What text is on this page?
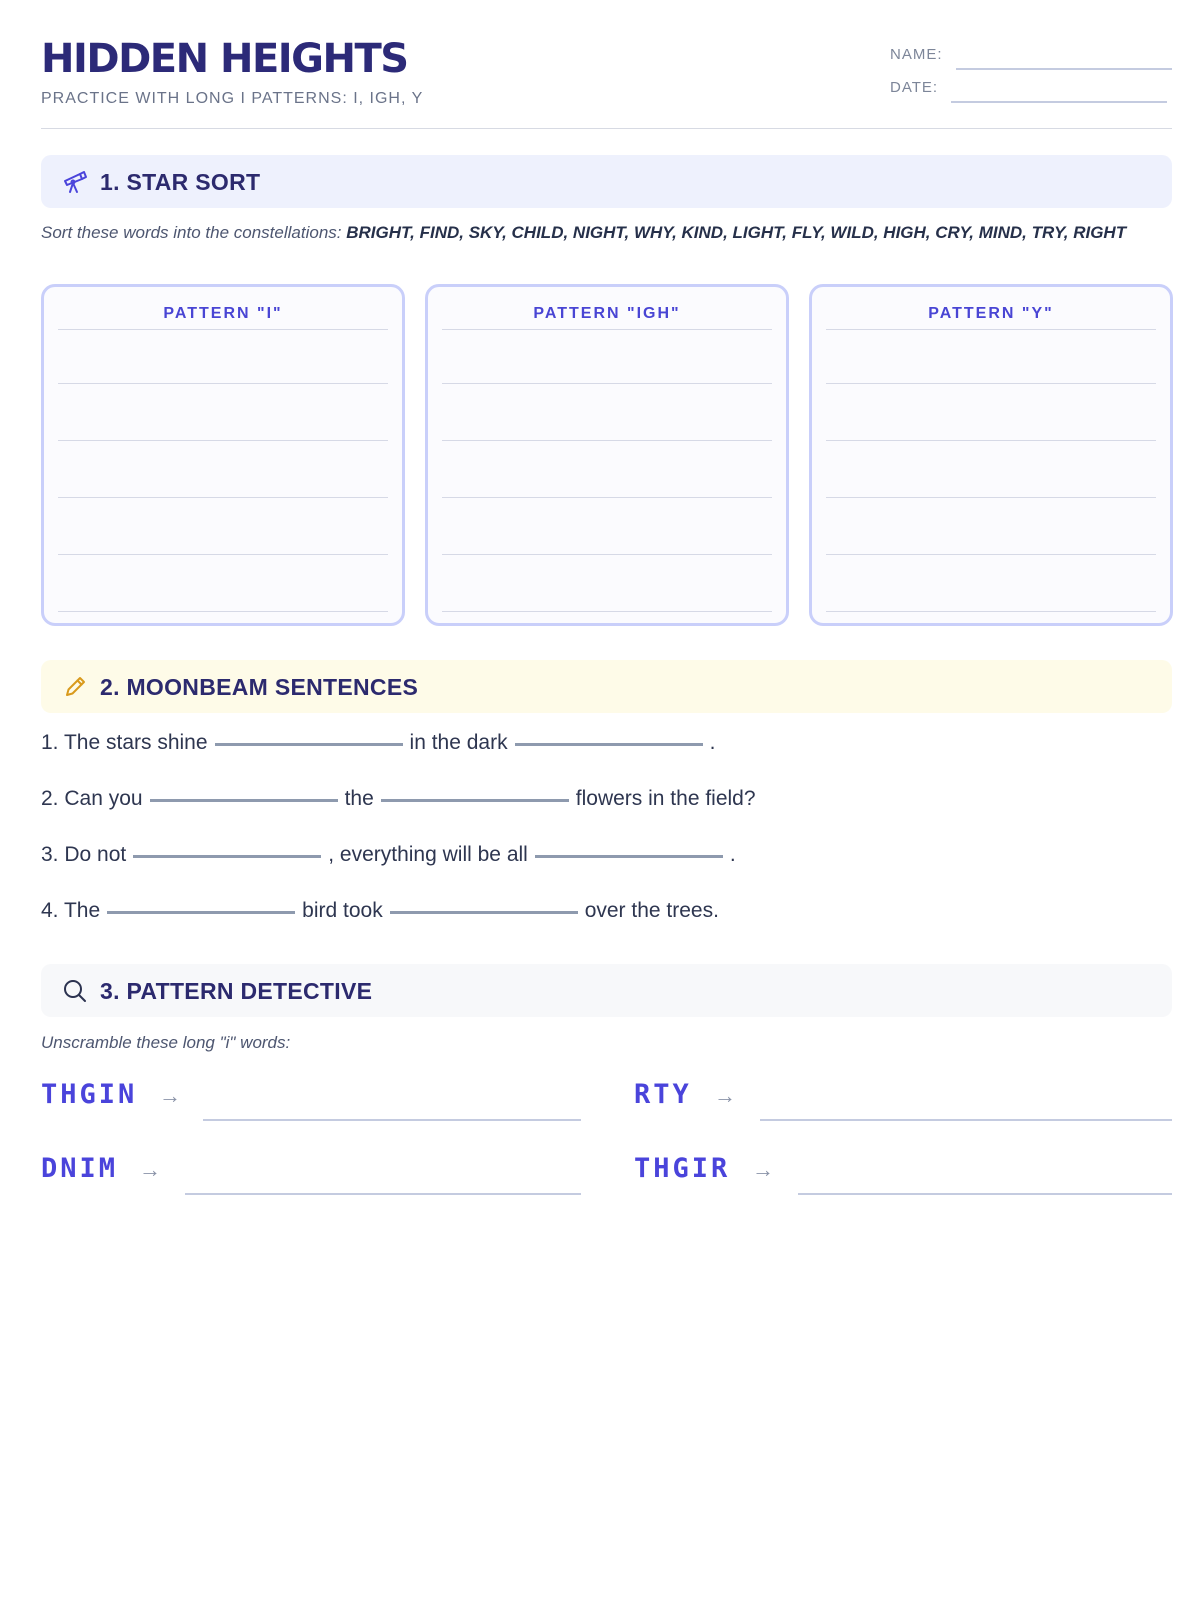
HIDDEN HEIGHTS
PRACTICE WITH LONG I PATTERNS: I, IGH, Y
NAME:
DATE:
1. STAR SORT
Sort these words into the constellations: BRIGHT, FIND, SKY, CHILD, NIGHT, WHY, KIND, LIGHT, FLY, WILD, HIGH, CRY, MIND, TRY, RIGHT
PATTERN "I"	PATTERN "IGH"	PATTERN "Y"
2. MOONBEAM SENTENCES
1. The stars shine	in the dark	.
2. Can you	the	flowers in the field?
3. Do not	, everything will be all	.
4. The	bird took	over the trees.
3. PATTERN DETECTIVE
Unscramble these long "i" words:
THGIN →	RTY →
DNIM →	THGIR →
